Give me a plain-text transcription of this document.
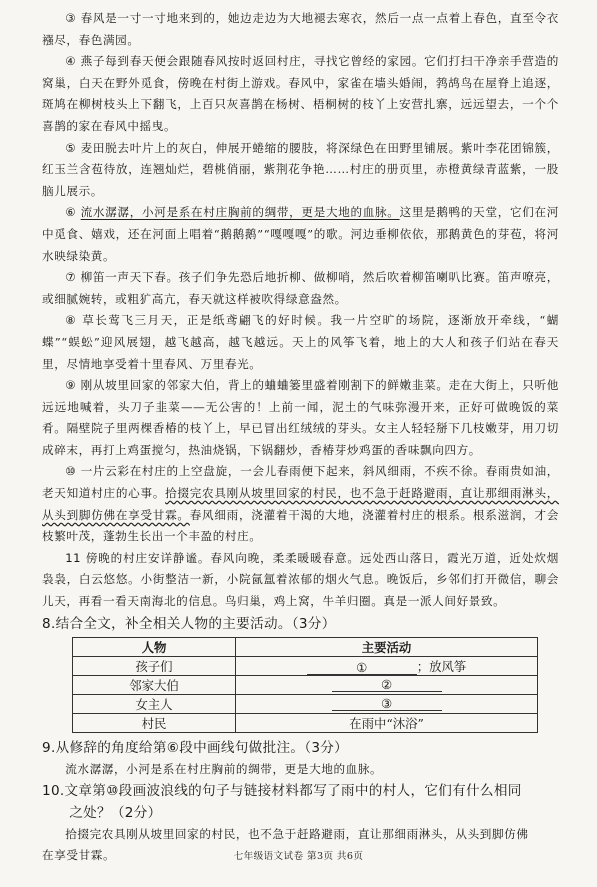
③ 春风是一寸一寸地来到的，她边走边为大地褪去寒衣，然后一点一点着上春色，直至令衣襁尽，春色满园。

④ 燕子每到春天便会跟随春风按时返回村庄，寻找它曾经的家园。它们打扫干净亲手营造的窝巢，白天在野外觅食，傍晚在村街上游戏。春风中，家雀在墙头婚闹，鹁鸪鸟在屋脊上追逐，斑鸠在柳树枝头上下翻飞，上百只灰喜鹊在杨树、梧桐树的枝丫上安营扎寨，远远望去，一个个喜鹊的家在春风中摇曳。

⑤ 麦田脱去叶片上的灰白，伸展开蜷缩的腰肢，将深绿色在田野里铺展。紫叶李花团锦簇，红玉兰含苞待放，连翘灿烂，碧桃俏丽，紫荆花争艳……村庄的册页里，赤橙黄绿青蓝紫，一股脑儿展示。

⑥ 流水潺潺，小河是系在村庄胸前的绸带，更是大地的血脉。这里是鹅鸭的天堂，它们在河中觅食、嬉戏，还在河面上唱着“鹅鹅鹅”“嘎嘎嘎”的歌。河边垂柳依依，那鹅黄色的芽苞，将河水映绿染黄。

⑦ 柳笛一声天下春。孩子们争先恐后地折柳、做柳哨，然后吹着柳笛喇叭比赛。笛声嘹亮，或细腻婉转，或粗犷高亢，春天就这样被吹得绿意盎然。

⑧ 草长莺飞三月天，正是纸鸢翩飞的好时候。我一片空旷的场院，逐渐放开牵线，“蝴蝶”“蜈蚣”迎风展翅，越飞越高，越飞越远。天上的风筝飞着，地上的大人和孩子们站在春天里，尽情地享受着十里春风、万里春光。

⑨ 刚从坡里回家的邻家大伯，背上的蛐蛐篓里盛着刚割下的鲜嫩韭菜。走在大街上，只听他远远地喊着，头刀子韭菜——无公害的！上前一闻，泥土的气味弥漫开来，正好可做晚饭的菜肴。隔壁院子里两棵香椿的枝丫上，早已冒出红绒绒的芽头。女主人轻轻掰下几枝嫩芽，用刀切成碎末，再打上鸡蛋搅匀，热油烧锅，下锅翻炒，香椿芽炒鸡蛋的香味飘向四方。

⑩ 一片云彩在村庄的上空盘旋，一会儿春雨便下起来，斜风细雨，不疾不徐。春雨贵如油，老天知道村庄的心事。拾掇完农具刚从坡里回家的村民，也不急于赶路避雨，直让那细雨淋头，从头到脚仿佛在享受甘霖。春风细雨，浇灌着干渴的大地，浇灌着村庄的根系。根系滋润，才会枝繁叶茂，蓬勃生长出一个丰盈的村庄。

11 傍晚的村庄安详静谧。春风向晚，柔柔暖暖春意。远处西山落日，霞光万道，近处炊烟袅袅，白云悠悠。小街整洁一新，小院氤氲着浓郁的烟火气息。晚饭后，乡邻们打开微信，聊会儿天，再看一看天南海北的信息。鸟归巢，鸡上窝，牛羊归圈。真是一派人间好景致。

8.结合全文，补全相关人物的主要活动。（3分）

人物	主要活动
孩子们	① ；放风筝
邻家大伯	②
女主人	③
村民	在雨中“沐浴”

9.从修辞的角度给第⑥段中画线句做批注。（3分）

流水潺潺，小河是系在村庄胸前的绸带，更是大地的血脉。

10.文章第⑩段画波浪线的句子与链接材料都写了雨中的村人，它们有什么相同

之处？（2分）

拾掇完农具刚从坡里回家的村民，也不急于赶路避雨，直让那细雨淋头，从头到脚仿佛

在享受甘霖。	七年级语文试卷 第3页 共6页
